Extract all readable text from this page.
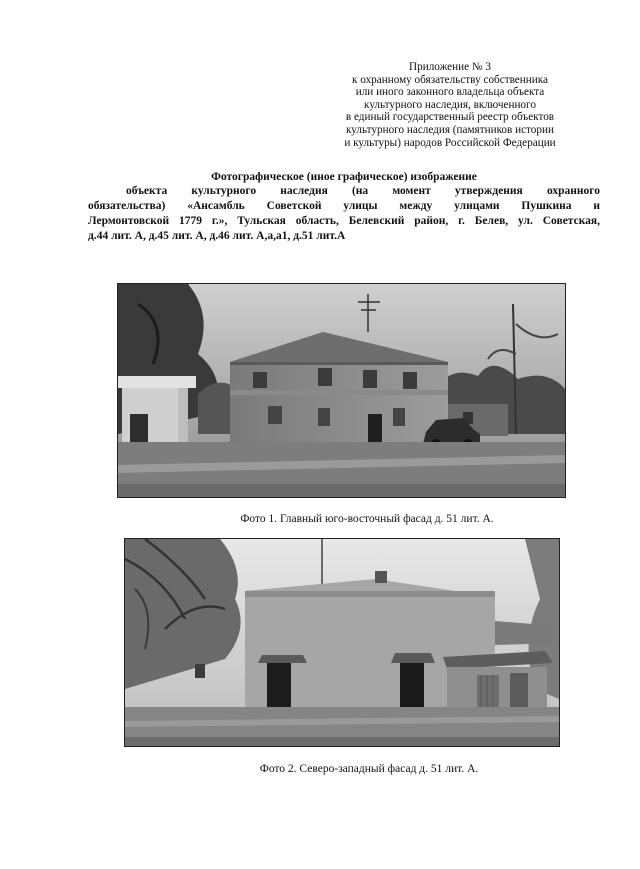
Приложение № 3
к охранному обязательству собственника
или иного законного владельца объекта
культурного наследия, включенного
в единый государственный реестр объектов
культурного наследия (памятников истории
и культуры) народов Российской Федерации
Фотографическое (иное графическое) изображение
объекта культурного наследия (на момент утверждения охранного
обязательства) «Ансамбль Советской улицы между улицами Пушкина и
Лермонтовской 1779 г.», Тульская область, Белевский район, г. Белев, ул. Советская,
д.44 лит. А, д.45 лит. А, д.46 лит. А,а,а1, д.51 лит.А
Фото 1. Главный юго-восточный фасад д. 51 лит. А.
Фото 2. Северо-западный фасад д. 51 лит. А.
